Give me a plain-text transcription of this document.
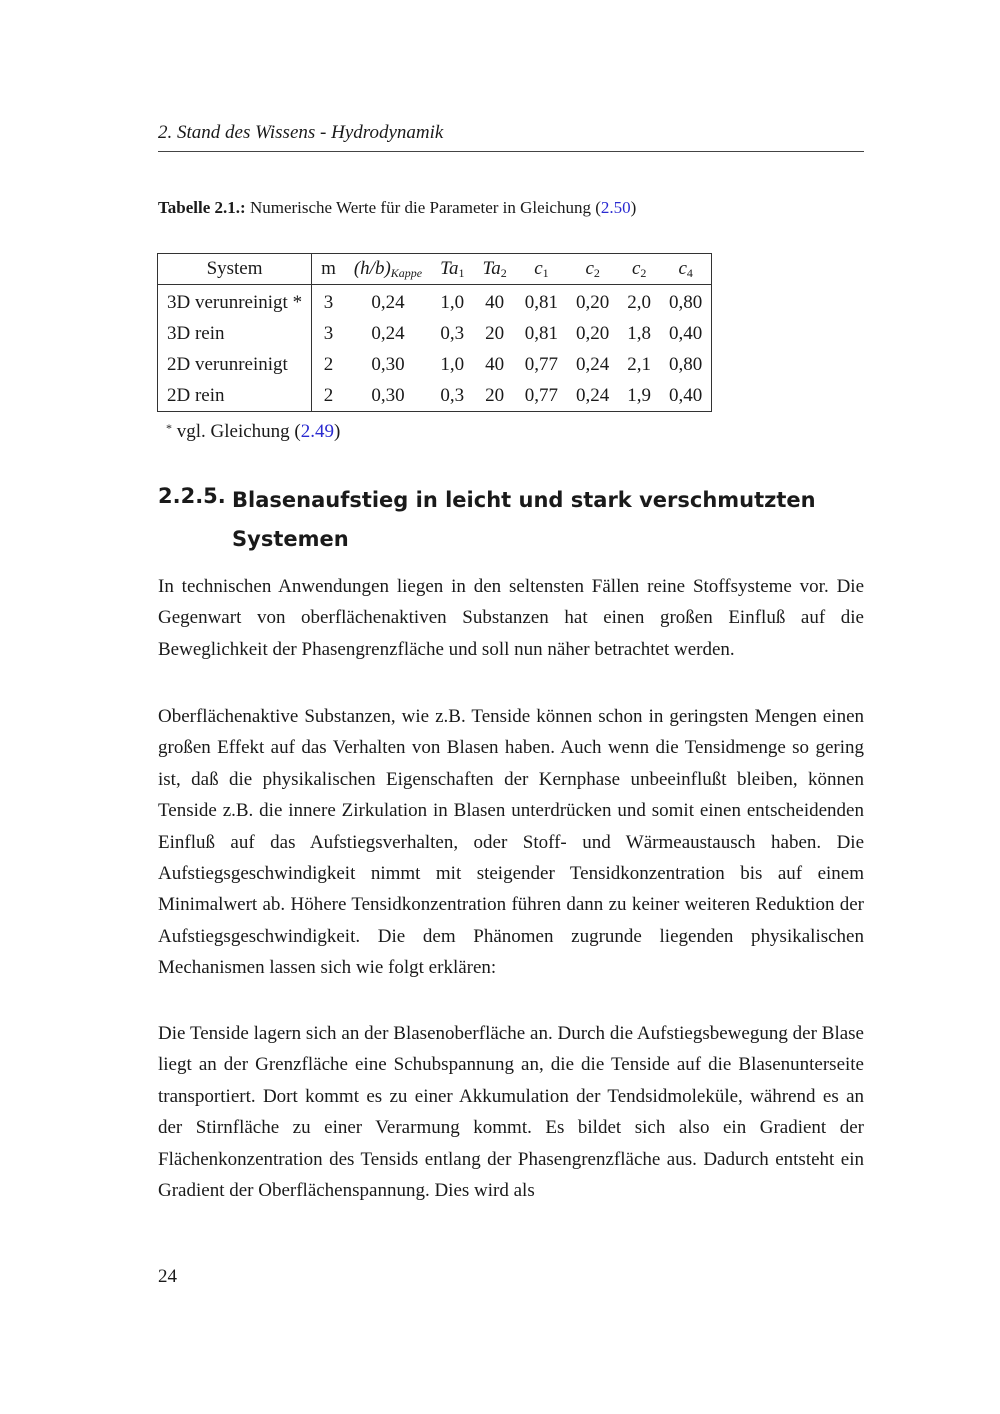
2. Stand des Wissens - Hydrodynamik
Tabelle 2.1.: Numerische Werte für die Parameter in Gleichung (2.50)
System	m	$(h/b)_{Kappe}$	$Ta_1$	$Ta_2$	$c_1$	$c_2$	$c_2$	$c_4$
3D verunreinigt *	3	0,24	1,0	40	0,81	0,20	2,0	0,80
3D rein	3	0,24	0,3	20	0,81	0,20	1,8	0,40
2D verunreinigt	2	0,30	1,0	40	0,77	0,24	2,1	0,80
2D rein	2	0,30	0,3	20	0,77	0,24	1,9	0,40
* vgl. Gleichung (2.49)
2.2.5. Blasenaufstieg in leicht und stark verschmutzten
Systemen
In technischen Anwendungen liegen in den seltensten Fällen reine Stoffsysteme vor. Die Gegenwart von oberflächenaktiven Substanzen hat einen großen Einfluß auf die Beweglichkeit der Phasengrenzfläche und soll nun näher betrachtet werden.
Oberflächenaktive Substanzen, wie z.B. Tenside können schon in geringsten Mengen einen großen Effekt auf das Verhalten von Blasen haben. Auch wenn die Tensidmenge so gering ist, daß die physikalischen Eigenschaften der Kernphase unbeeinflußt bleiben, können Tenside z.B. die innere Zirkulation in Blasen unterdrücken und somit einen entscheidenden Einfluß auf das Aufstiegsverhalten, oder Stoff- und Wärmeaustausch haben. Die Aufstiegsgeschwindigkeit nimmt mit steigender Tensidkonzentration bis auf einem Minimalwert ab. Höhere Tensidkonzentration führen dann zu keiner weiteren Reduktion der Aufstiegsgeschwindigkeit. Die dem Phänomen zugrunde liegenden physikalischen Mechanismen lassen sich wie folgt erklären:
Die Tenside lagern sich an der Blasenoberfläche an. Durch die Aufstiegsbewegung der Blase liegt an der Grenzfläche eine Schubspannung an, die die Tenside auf die Blasenunterseite transportiert. Dort kommt es zu einer Akkumulation der Tendsidmoleküle, während es an der Stirnfläche zu einer Verarmung kommt. Es bildet sich also ein Gradient der Flächenkonzentration des Tensids entlang der Phasengrenzfläche aus. Dadurch entsteht ein Gradient der Oberflächenspannung. Dies wird als
24
